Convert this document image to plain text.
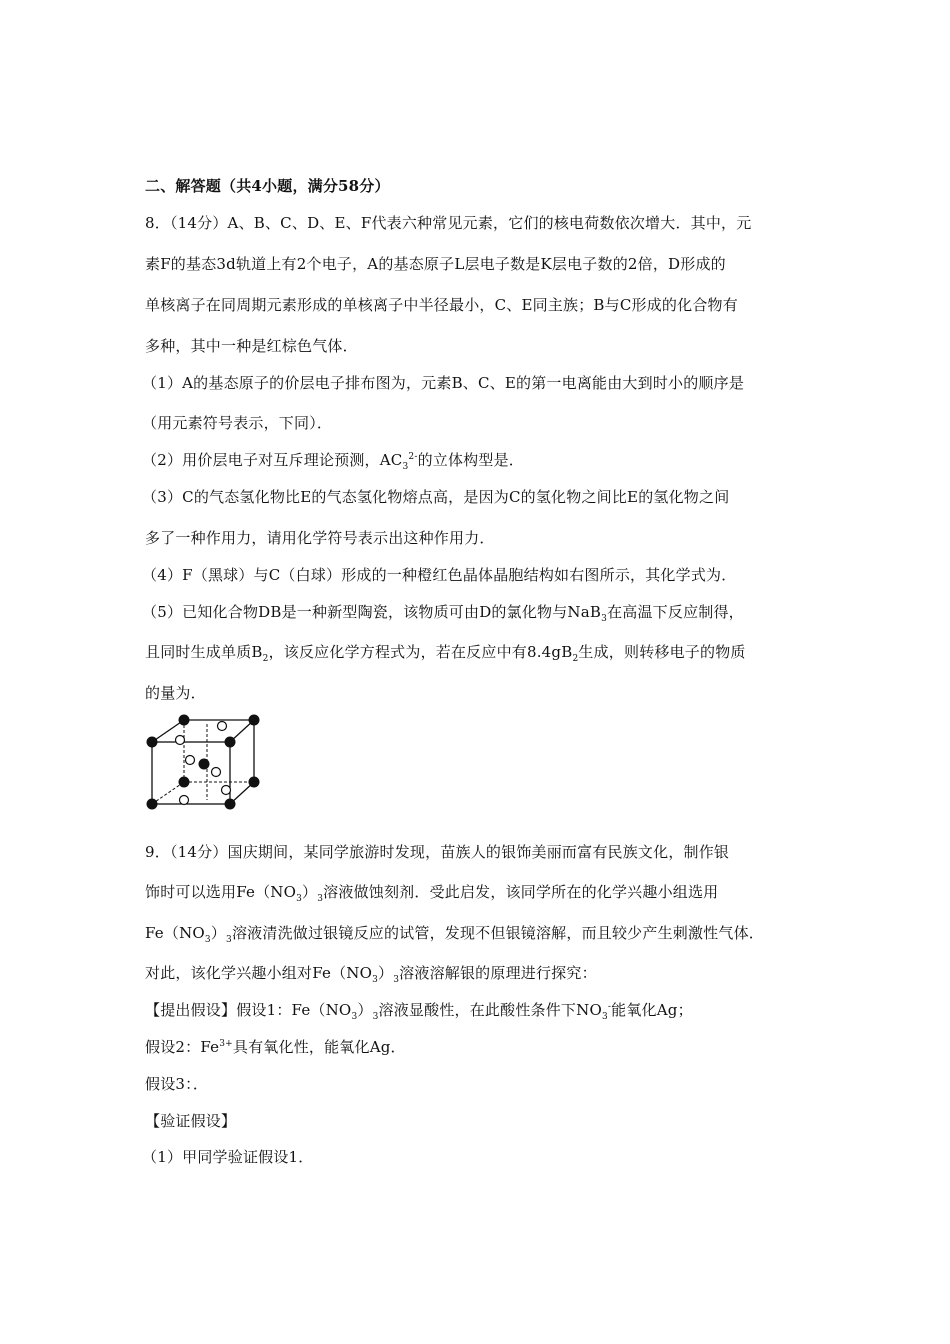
二、解答题（共4小题，满分58分）
8．（14分）A、B、C、D、E、F代表六种常见元素，它们的核电荷数依次增大．其中，元
素F的基态3d轨道上有2个电子，A的基态原子L层电子数是K层电子数的2倍，D形成的
单核离子在同周期元素形成的单核离子中半径最小，C、E同主族；B与C形成的化合物有
多种，其中一种是红棕色气体．
（1）A的基态原子的价层电子排布图为，元素B、C、E的第一电离能由大到时小的顺序是
（用元素符号表示，下同）．
（2）用价层电子对互斥理论预测，$AC_3^{2-}$的立体构型是．
（3）C的气态氢化物比E的气态氢化物熔点高，是因为C的氢化物之间比E的氢化物之间
多了一种作用力，请用化学符号表示出这种作用力．
（4）F（黑球）与C（白球）形成的一种橙红色晶体晶胞结构如右图所示，其化学式为．
（5）已知化合物DB是一种新型陶瓷，该物质可由D的氯化物与NaB$_3$在高温下反应制得，
且同时生成单质$B_2$，该反应化学方程式为，若在反应中有$8.4gB_2$生成，则转移电子的物质
的量为．
9．（14分）国庆期间，某同学旅游时发现，苗族人的银饰美丽而富有民族文化，制作银
饰时可以选用$Fe(NO_3)_3$溶液做蚀刻剂．受此启发，该同学所在的化学兴趣小组选用
$Fe(NO_3)_3$溶液清洗做过银镜反应的试管，发现不但银镜溶解，而且较少产生刺激性气体．
对此，该化学兴趣小组对$Fe(NO_3)_3$溶液溶解银的原理进行探究：
【提出假设】假设1：$Fe(NO_3)_3$溶液显酸性，在此酸性条件下$NO_3^-$能氧化Ag；
假设2：$Fe^{3+}$具有氧化性，能氧化Ag．
假设3：．
【验证假设】
（1）甲同学验证假设1．
